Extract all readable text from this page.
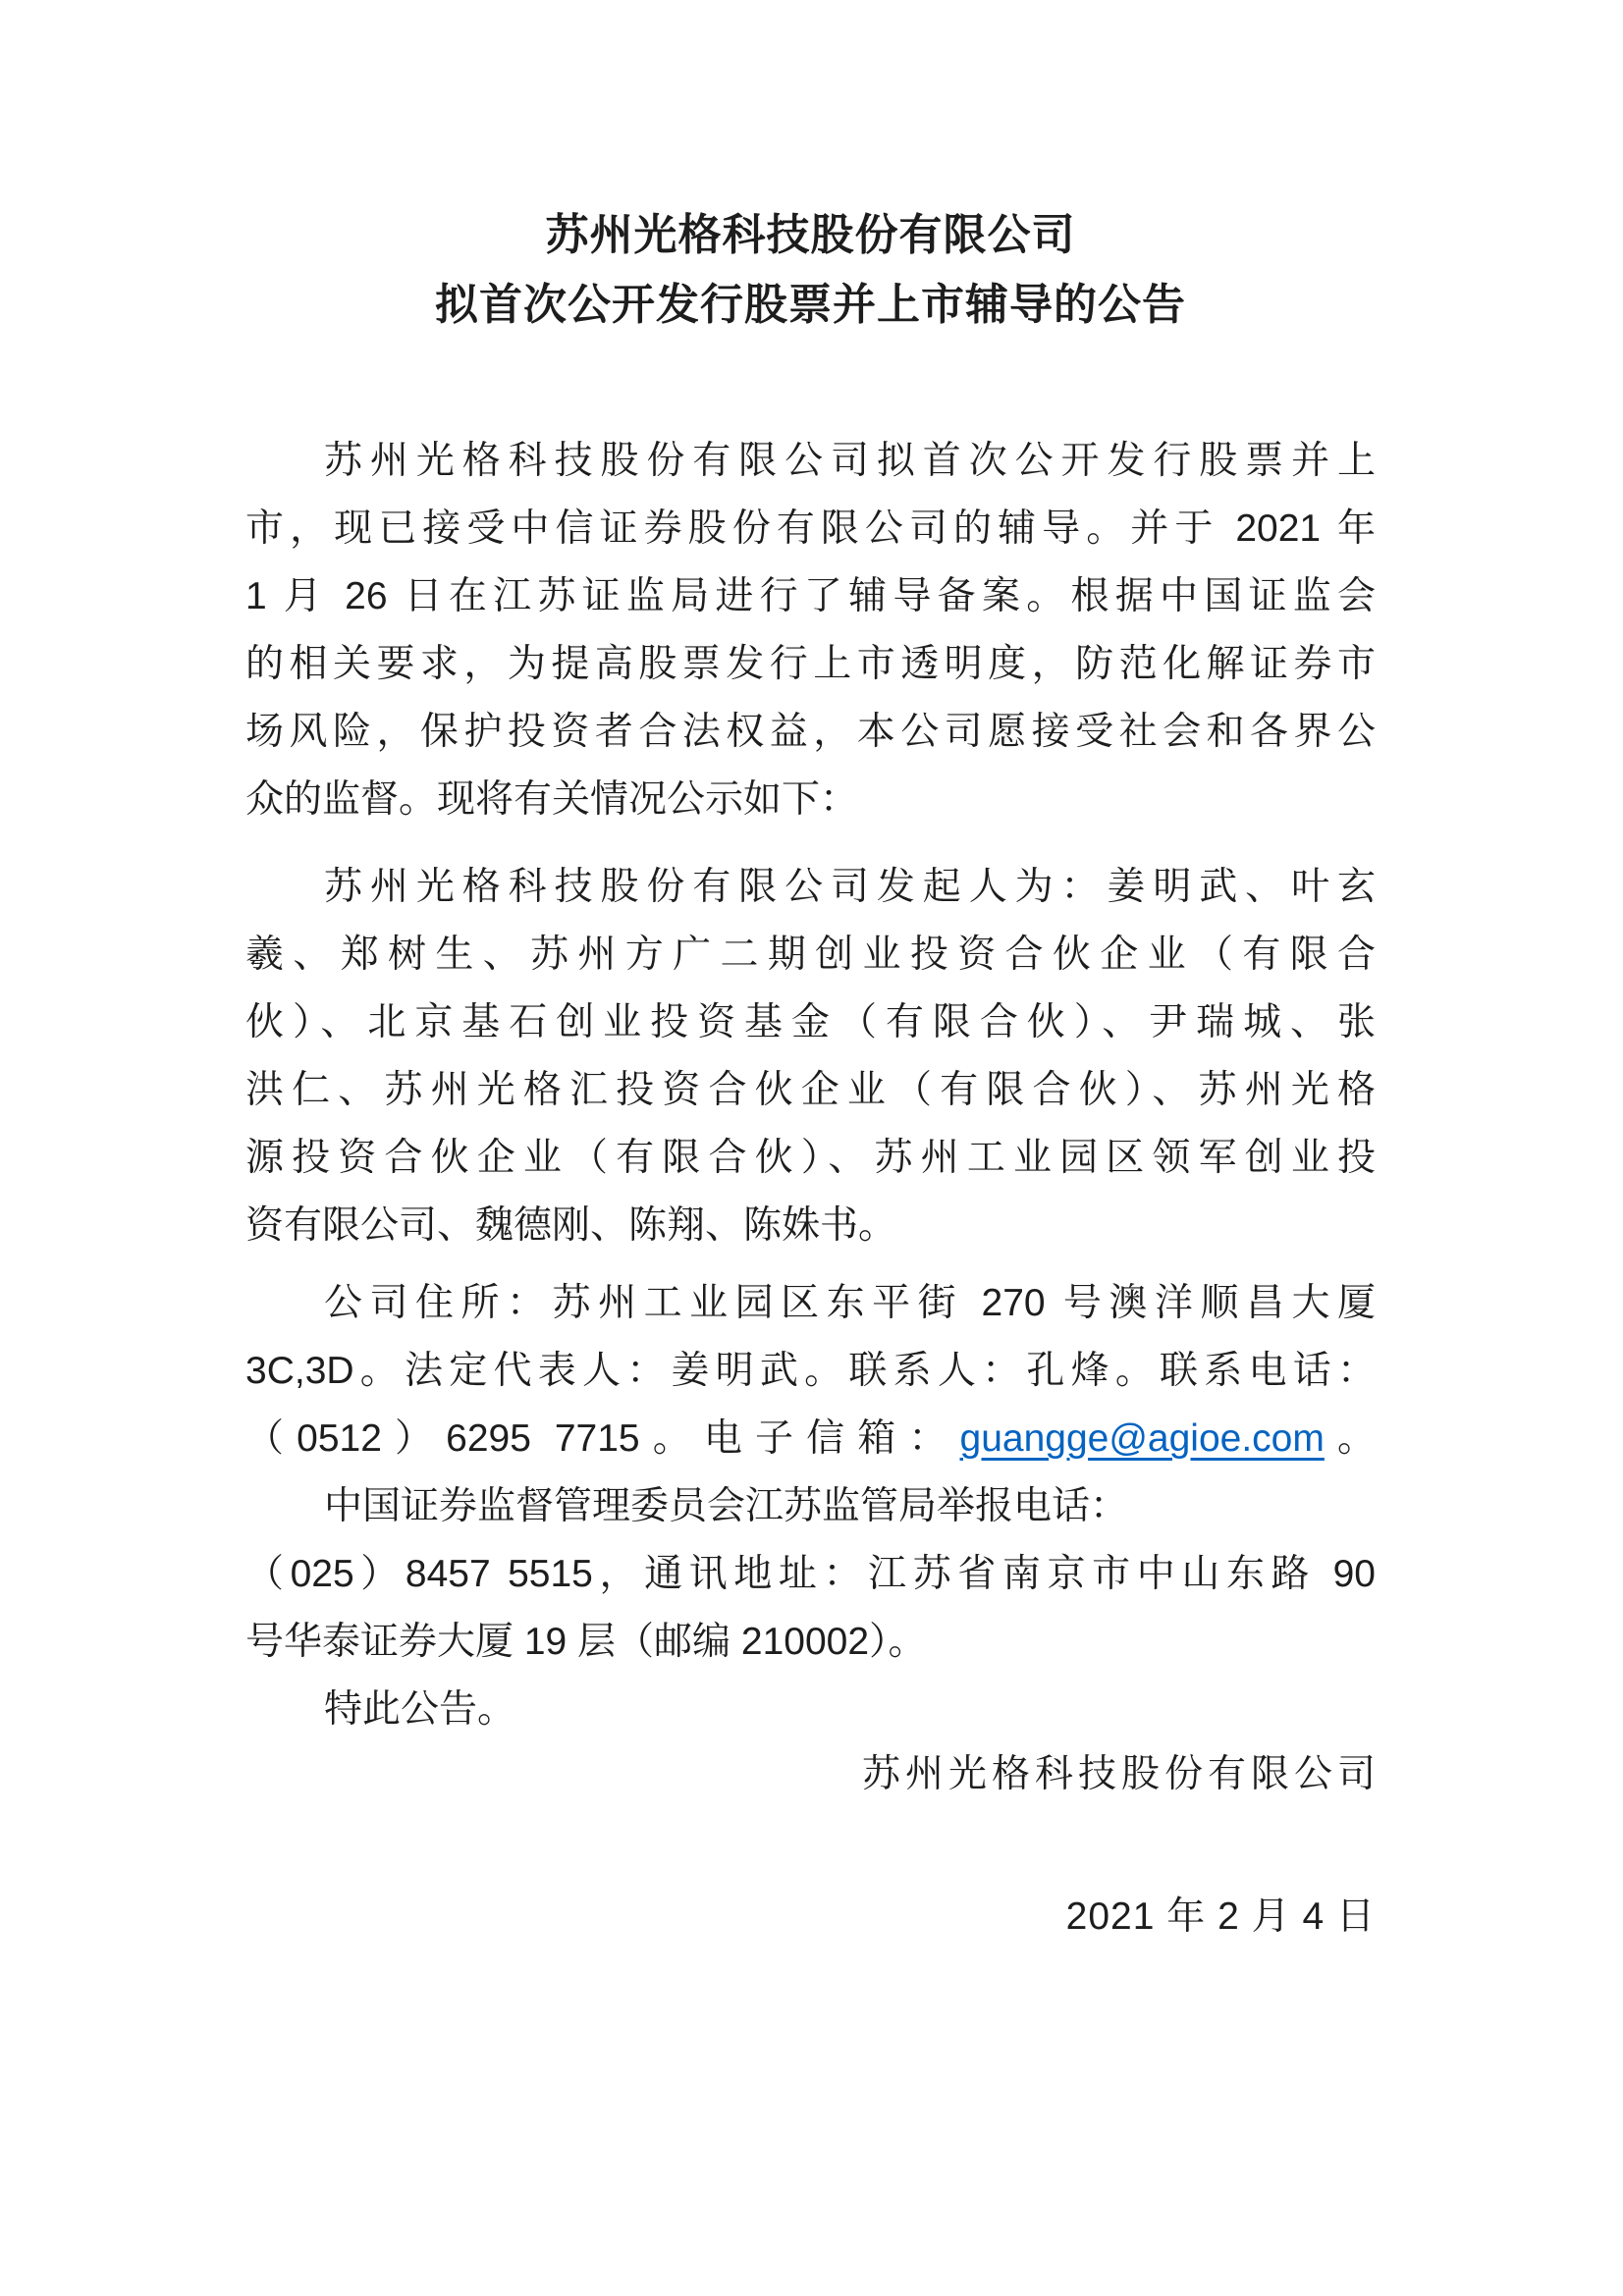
苏州光格科技股份有限公司
拟首次公开发行股票并上市辅导的公告
苏州光格科技股份有限公司拟首次公开发行股票并上
市，现已接受中信证券股份有限公司的辅导。并于 2021 年
1 月 26 日在江苏证监局进行了辅导备案。根据中国证监会
的相关要求，为提高股票发行上市透明度，防范化解证券市
场风险，保护投资者合法权益，本公司愿接受社会和各界公
众的监督。现将有关情况公示如下：
苏州光格科技股份有限公司发起人为：姜明武、叶玄
羲、郑树生、苏州方广二期创业投资合伙企业（有限合
伙）、北京基石创业投资基金（有限合伙）、尹瑞城、张
洪仁、苏州光格汇投资合伙企业（有限合伙）、苏州光格
源投资合伙企业（有限合伙）、苏州工业园区领军创业投
资有限公司、魏德刚、陈翔、陈姝书。
公司住所：苏州工业园区东平街 270 号澳洋顺昌大厦
3C,3D。法定代表人：姜明武。联系人：孔烽。联系电话：
（0512）6295 7715。电子信箱：guangge@agioe.com。
中国证券监督管理委员会江苏监管局举报电话：
（025）8457 5515，通讯地址：江苏省南京市中山东路 90
号华泰证券大厦 19 层（邮编 210002）。
特此公告。
苏州光格科技股份有限公司
2021 年 2 月 4 日
